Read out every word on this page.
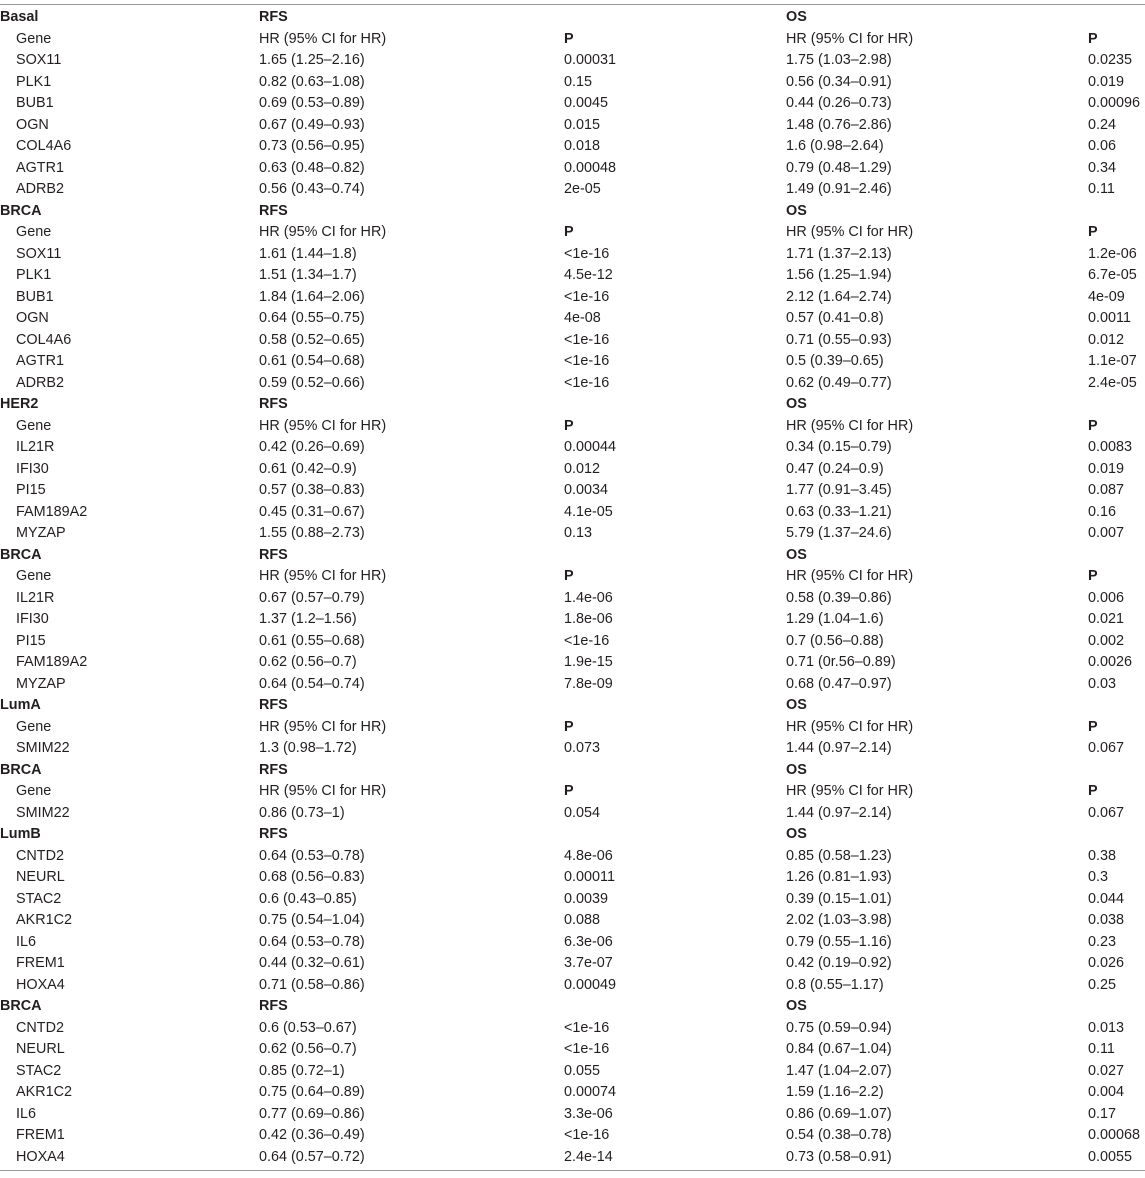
Basal	RFS		OS	
Gene	HR (95% CI for HR)	P	HR (95% CI for HR)	P
SOX11	1.65 (1.25–2.16)	0.00031	1.75 (1.03–2.98)	0.0235
PLK1	0.82 (0.63–1.08)	0.15	0.56 (0.34–0.91)	0.019
BUB1	0.69 (0.53–0.89)	0.0045	0.44 (0.26–0.73)	0.00096
OGN	0.67 (0.49–0.93)	0.015	1.48 (0.76–2.86)	0.24
COL4A6	0.73 (0.56–0.95)	0.018	1.6 (0.98–2.64)	0.06
AGTR1	0.63 (0.48–0.82)	0.00048	0.79 (0.48–1.29)	0.34
ADRB2	0.56 (0.43–0.74)	2e-05	1.49 (0.91–2.46)	0.11
BRCA	RFS		OS	
Gene	HR (95% CI for HR)	P	HR (95% CI for HR)	P
SOX11	1.61 (1.44–1.8)	<1e-16	1.71 (1.37–2.13)	1.2e-06
PLK1	1.51 (1.34–1.7)	4.5e-12	1.56 (1.25–1.94)	6.7e-05
BUB1	1.84 (1.64–2.06)	<1e-16	2.12 (1.64–2.74)	4e-09
OGN	0.64 (0.55–0.75)	4e-08	0.57 (0.41–0.8)	0.0011
COL4A6	0.58 (0.52–0.65)	<1e-16	0.71 (0.55–0.93)	0.012
AGTR1	0.61 (0.54–0.68)	<1e-16	0.5 (0.39–0.65)	1.1e-07
ADRB2	0.59 (0.52–0.66)	<1e-16	0.62 (0.49–0.77)	2.4e-05
HER2	RFS		OS	
Gene	HR (95% CI for HR)	P	HR (95% CI for HR)	P
IL21R	0.42 (0.26–0.69)	0.00044	0.34 (0.15–0.79)	0.0083
IFI30	0.61 (0.42–0.9)	0.012	0.47 (0.24–0.9)	0.019
PI15	0.57 (0.38–0.83)	0.0034	1.77 (0.91–3.45)	0.087
FAM189A2	0.45 (0.31–0.67)	4.1e-05	0.63 (0.33–1.21)	0.16
MYZAP	1.55 (0.88–2.73)	0.13	5.79 (1.37–24.6)	0.007
BRCA	RFS		OS	
Gene	HR (95% CI for HR)	P	HR (95% CI for HR)	P
IL21R	0.67 (0.57–0.79)	1.4e-06	0.58 (0.39–0.86)	0.006
IFI30	1.37 (1.2–1.56)	1.8e-06	1.29 (1.04–1.6)	0.021
PI15	0.61 (0.55–0.68)	<1e-16	0.7 (0.56–0.88)	0.002
FAM189A2	0.62 (0.56–0.7)	1.9e-15	0.71 (0r.56–0.89)	0.0026
MYZAP	0.64 (0.54–0.74)	7.8e-09	0.68 (0.47–0.97)	0.03
LumA	RFS		OS	
Gene	HR (95% CI for HR)	P	HR (95% CI for HR)	P
SMIM22	1.3 (0.98–1.72)	0.073	1.44 (0.97–2.14)	0.067
BRCA	RFS		OS	
Gene	HR (95% CI for HR)	P	HR (95% CI for HR)	P
SMIM22	0.86 (0.73–1)	0.054	1.44 (0.97–2.14)	0.067
LumB	RFS		OS	
CNTD2	0.64 (0.53–0.78)	4.8e-06	0.85 (0.58–1.23)	0.38
NEURL	0.68 (0.56–0.83)	0.00011	1.26 (0.81–1.93)	0.3
STAC2	0.6 (0.43–0.85)	0.0039	0.39 (0.15–1.01)	0.044
AKR1C2	0.75 (0.54–1.04)	0.088	2.02 (1.03–3.98)	0.038
IL6	0.64 (0.53–0.78)	6.3e-06	0.79 (0.55–1.16)	0.23
FREM1	0.44 (0.32–0.61)	3.7e-07	0.42 (0.19–0.92)	0.026
HOXA4	0.71 (0.58–0.86)	0.00049	0.8 (0.55–1.17)	0.25
BRCA	RFS		OS	
CNTD2	0.6 (0.53–0.67)	<1e-16	0.75 (0.59–0.94)	0.013
NEURL	0.62 (0.56–0.7)	<1e-16	0.84 (0.67–1.04)	0.11
STAC2	0.85 (0.72–1)	0.055	1.47 (1.04–2.07)	0.027
AKR1C2	0.75 (0.64–0.89)	0.00074	1.59 (1.16–2.2)	0.004
IL6	0.77 (0.69–0.86)	3.3e-06	0.86 (0.69–1.07)	0.17
FREM1	0.42 (0.36–0.49)	<1e-16	0.54 (0.38–0.78)	0.00068
HOXA4	0.64 (0.57–0.72)	2.4e-14	0.73 (0.58–0.91)	0.0055
